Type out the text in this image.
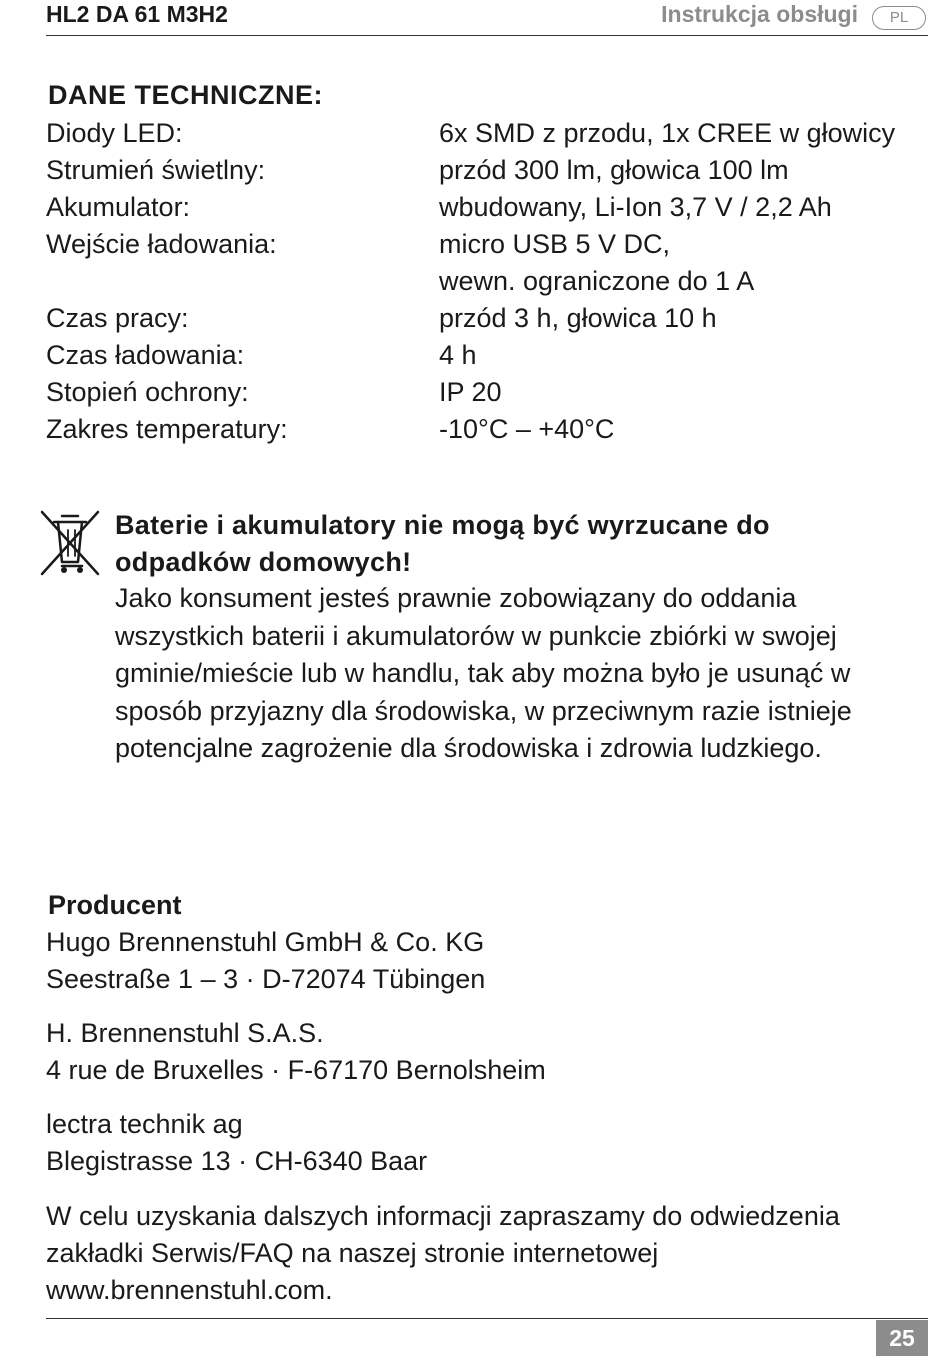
HL2 DA 61 M3H2	Instrukcja obsługi	PL
DANE TECHNICZNE:
Diody LED:	6x SMD z przodu, 1x CREE w głowicy
Strumień świetlny:	przód 300 lm, głowica 100 lm
Akumulator:	wbudowany, Li-Ion 3,7 V / 2,2 Ah
Wejście ładowania:	micro USB 5 V DC,
wewn. ograniczone do 1 A
Czas pracy:	przód 3 h, głowica 10 h
Czas ładowania:	4 h
Stopień ochrony:	IP 20
Zakres temperatury:	-10°C – +40°C
Baterie i akumulatory nie mogą być wyrzucane do
odpadków domowych!
Jako konsument jesteś prawnie zobowiązany do oddania
wszystkich baterii i akumulatorów w punkcie zbiórki w swojej
gminie/mieście lub w handlu, tak aby można było je usunąć w
sposób przyjazny dla środowiska, w przeciwnym razie istnieje
potencjalne zagrożenie dla środowiska i zdrowia ludzkiego.
Producent
Hugo Brennenstuhl GmbH & Co. KG
Seestraße 1 – 3 · D-72074 Tübingen
H. Brennenstuhl S.A.S.
4 rue de Bruxelles · F-67170 Bernolsheim
lectra technik ag
Blegistrasse 13 · CH-6340 Baar
W celu uzyskania dalszych informacji zapraszamy do odwiedzenia
zakładki Serwis/FAQ na naszej stronie internetowej
www.brennenstuhl.com.
25
